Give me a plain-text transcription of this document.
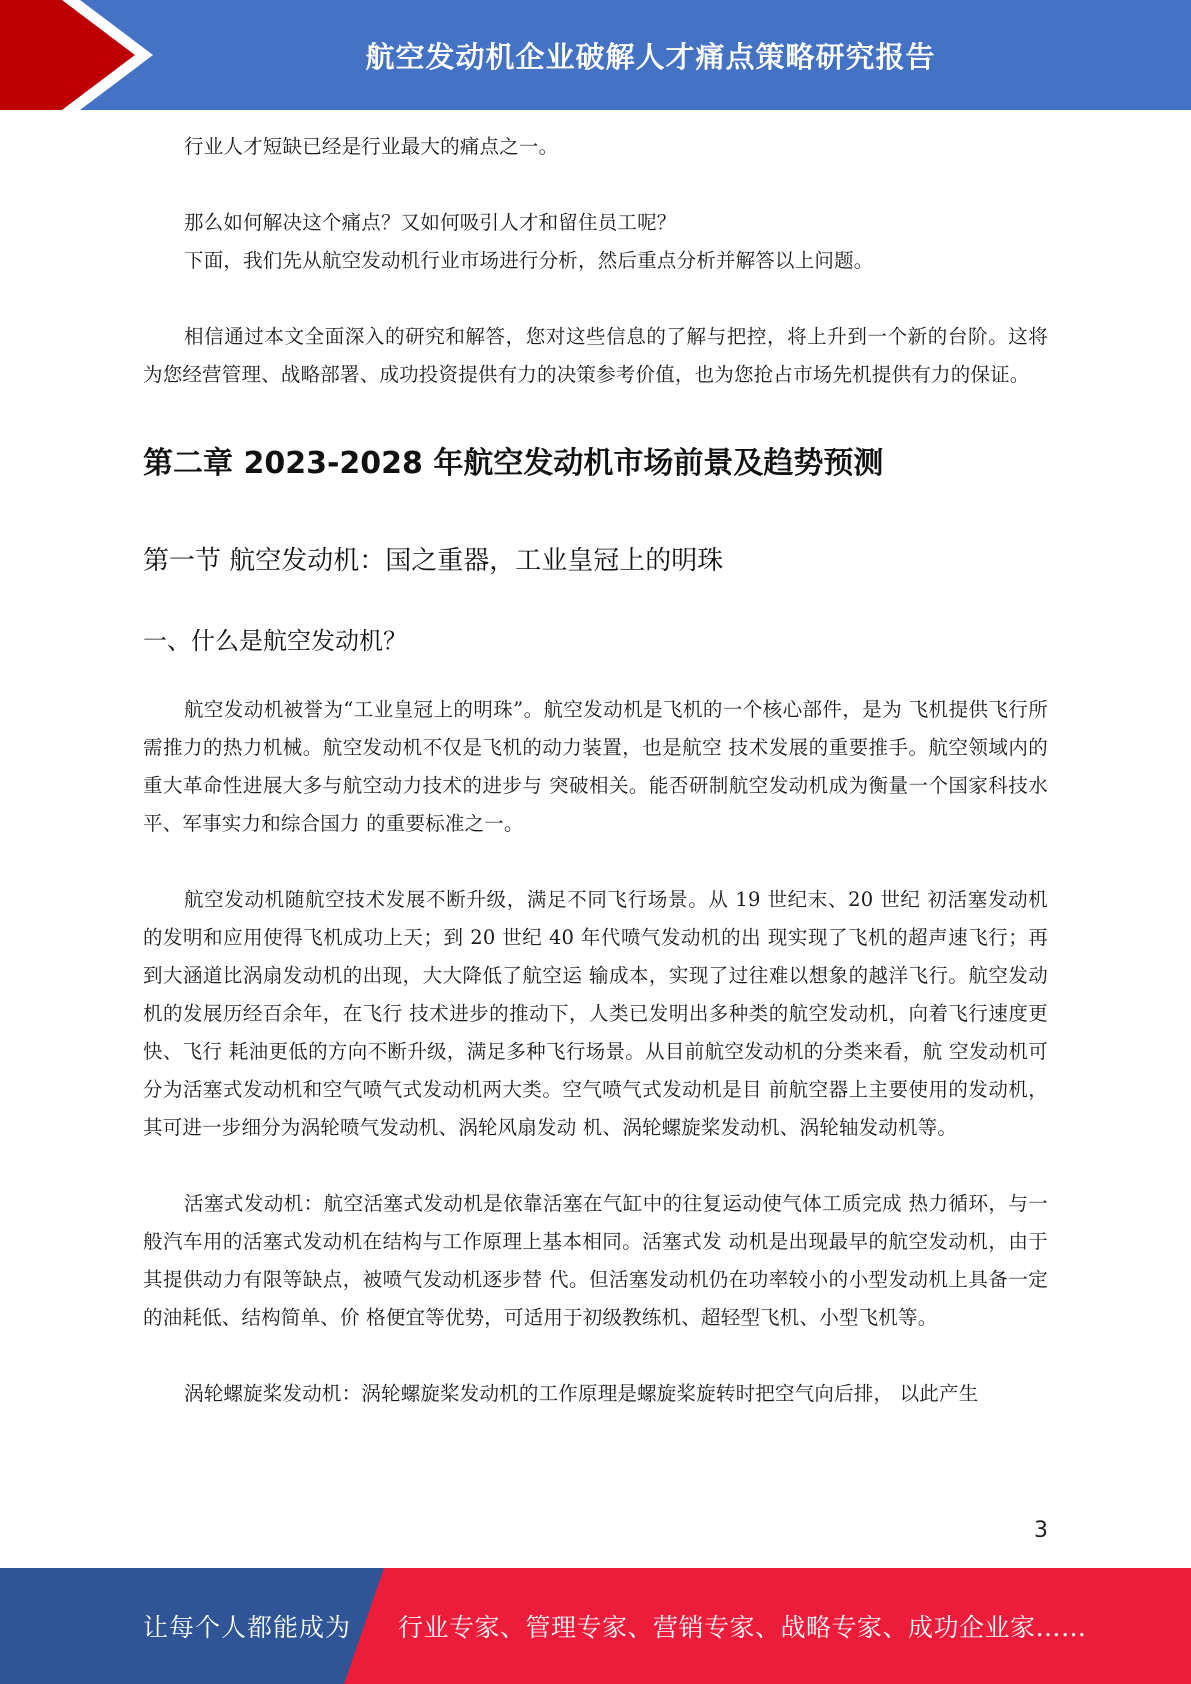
航空发动机企业破解人才痛点策略研究报告

行业人才短缺已经是行业最大的痛点之一。

那么如何解决这个痛点？又如何吸引人才和留住员工呢？

下面，我们先从航空发动机行业市场进行分析，然后重点分析并解答以上问题。

相信通过本文全面深入的研究和解答，您对这些信息的了解与把控，将上升到一个新的台阶。这将为您经营管理、战略部署、成功投资提供有力的决策参考价值，也为您抢占市场先机提供有力的保证。

第二章 2023-2028 年航空发动机市场前景及趋势预测
第一节 航空发动机：国之重器，工业皇冠上的明珠
一、什么是航空发动机？

航空发动机被誉为“工业皇冠上的明珠”。航空发动机是飞机的一个核心部件，是为 飞机提供飞行所需推力的热力机械。航空发动机不仅是飞机的动力装置，也是航空 技术发展的重要推手。航空领域内的重大革命性进展大多与航空动力技术的进步与 突破相关。能否研制航空发动机成为衡量一个国家科技水平、军事实力和综合国力 的重要标准之一。

航空发动机随航空技术发展不断升级，满足不同飞行场景。从 19 世纪末、20 世纪 初活塞发动机的发明和应用使得飞机成功上天；到 20 世纪 40 年代喷气发动机的出 现实现了飞机的超声速飞行；再到大涵道比涡扇发动机的出现，大大降低了航空运 输成本，实现了过往难以想象的越洋飞行。航空发动机的发展历经百余年，在飞行 技术进步的推动下，人类已发明出多种类的航空发动机，向着飞行速度更快、飞行 耗油更低的方向不断升级，满足多种飞行场景。从目前航空发动机的分类来看，航 空发动机可分为活塞式发动机和空气喷气式发动机两大类。空气喷气式发动机是目 前航空器上主要使用的发动机，其可进一步细分为涡轮喷气发动机、涡轮风扇发动 机、涡轮螺旋桨发动机、涡轮轴发动机等。

活塞式发动机：航空活塞式发动机是依靠活塞在气缸中的往复运动使气体工质完成 热力循环，与一般汽车用的活塞式发动机在结构与工作原理上基本相同。活塞式发 动机是出现最早的航空发动机，由于其提供动力有限等缺点，被喷气发动机逐步替 代。但活塞发动机仍在功率较小的小型发动机上具备一定的油耗低、结构简单、价 格便宜等优势，可适用于初级教练机、超轻型飞机、小型飞机等。

涡轮螺旋桨发动机：涡轮螺旋桨发动机的工作原理是螺旋桨旋转时把空气向后排， 以此产生

3
让每个人都能成为 行业专家、管理专家、营销专家、战略专家、成功企业家……
